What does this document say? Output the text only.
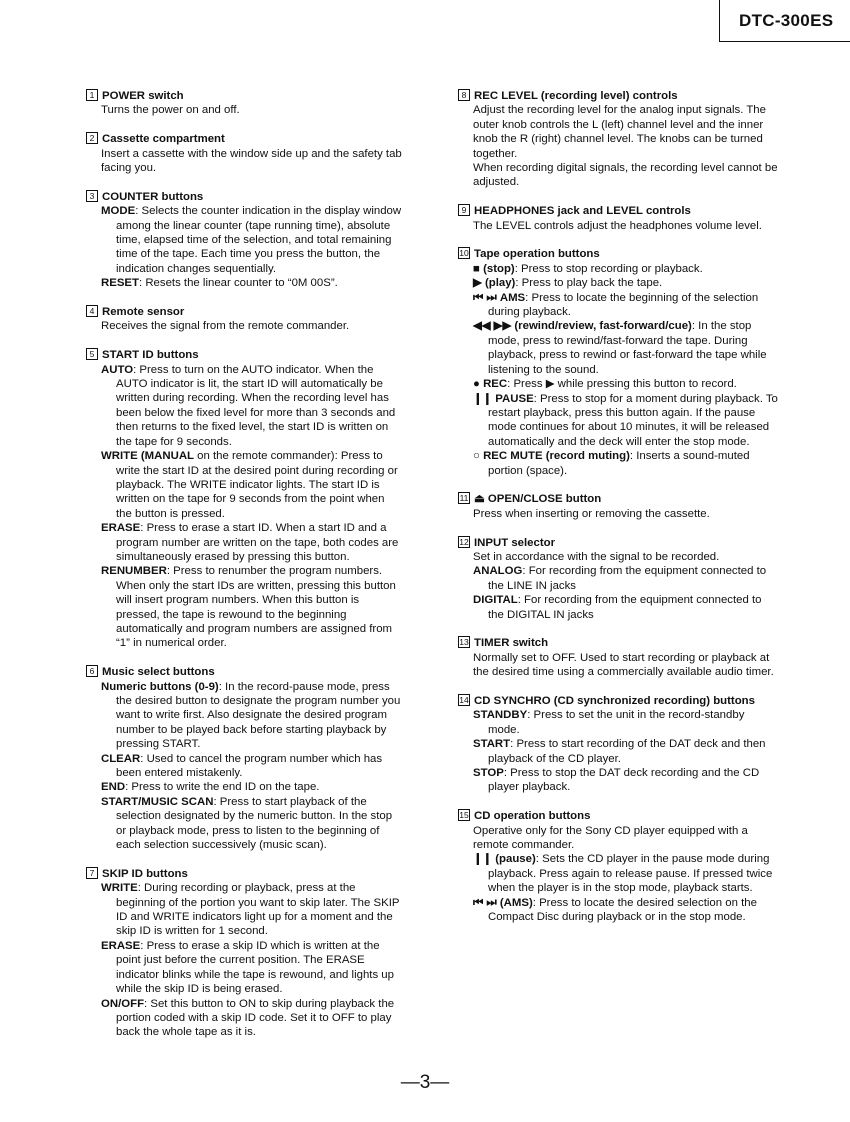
DTC-300ES
1 POWER switch
Turns the power on and off.
2 Cassette compartment
Insert a cassette with the window side up and the safety tab facing you.
3 COUNTER buttons
MODE: Selects the counter indication in the display window among the linear counter (tape running time), absolute time, elapsed time of the selection, and total remaining time of the tape. Each time you press the button, the indication changes sequentially.
RESET: Resets the linear counter to “0M 00S”.
4 Remote sensor
Receives the signal from the remote commander.
5 START ID buttons
AUTO: Press to turn on the AUTO indicator. When the AUTO indicator is lit, the start ID will automatically be written during recording. When the recording level has been below the fixed level for more than 3 seconds and then returns to the fixed level, the start ID is written on the tape for 9 seconds.
WRITE (MANUAL on the remote commander): Press to write the start ID at the desired point during recording or playback. The WRITE indicator lights. The start ID is written on the tape for 9 seconds from the point when the button is pressed.
ERASE: Press to erase a start ID. When a start ID and a program number are written on the tape, both codes are simultaneously erased by pressing this button.
RENUMBER: Press to renumber the program numbers. When only the start IDs are written, pressing this button will insert program numbers. When this button is pressed, the tape is rewound to the beginning automatically and program numbers are assigned from “1” in numerical order.
6 Music select buttons
Numeric buttons (0-9): In the record-pause mode, press the desired button to designate the program number you want to write first. Also designate the desired program number to be played back before starting playback by pressing START.
CLEAR: Used to cancel the program number which has been entered mistakenly.
END: Press to write the end ID on the tape.
START/MUSIC SCAN: Press to start playback of the selection designated by the numeric button. In the stop or playback mode, press to listen to the beginning of each selection successively (music scan).
7 SKIP ID buttons
WRITE: During recording or playback, press at the beginning of the portion you want to skip later. The SKIP ID and WRITE indicators light up for a moment and the skip ID is written for 1 second.
ERASE: Press to erase a skip ID which is written at the point just before the current position. The ERASE indicator blinks while the tape is rewound, and lights up while the skip ID is being erased.
ON/OFF: Set this button to ON to skip during playback the portion coded with a skip ID code. Set it to OFF to play back the whole tape as it is.
8 REC LEVEL (recording level) controls
Adjust the recording level for the analog input signals. The outer knob controls the L (left) channel level and the inner knob the R (right) channel level. The knobs can be turned together.
When recording digital signals, the recording level cannot be adjusted.
9 HEADPHONES jack and LEVEL controls
The LEVEL controls adjust the headphones volume level.
10 Tape operation buttons
■ (stop): Press to stop recording or playback.
▶ (play): Press to play back the tape.
⏮ ⏭ AMS: Press to locate the beginning of the selection during playback.
◀◀ ▶▶ (rewind/review, fast-forward/cue): In the stop mode, press to rewind/fast-forward the tape. During playback, press to rewind or fast-forward the tape while listening to the sound.
● REC: Press ▶ while pressing this button to record.
❙❙ PAUSE: Press to stop for a moment during playback. To restart playback, press this button again. If the pause mode continues for about 10 minutes, it will be released automatically and the deck will enter the stop mode.
○ REC MUTE (record muting): Inserts a sound-muted portion (space).
11 ⏏ OPEN/CLOSE button
Press when inserting or removing the cassette.
12 INPUT selector
Set in accordance with the signal to be recorded.
ANALOG: For recording from the equipment connected to the LINE IN jacks
DIGITAL: For recording from the equipment connected to the DIGITAL IN jacks
13 TIMER switch
Normally set to OFF. Used to start recording or playback at the desired time using a commercially available audio timer.
14 CD SYNCHRO (CD synchronized recording) buttons
STANDBY: Press to set the unit in the record-standby mode.
START: Press to start recording of the DAT deck and then playback of the CD player.
STOP: Press to stop the DAT deck recording and the CD player playback.
15 CD operation buttons
Operative only for the Sony CD player equipped with a remote commander.
❙❙ (pause): Sets the CD player in the pause mode during playback. Press again to release pause. If pressed twice when the player is in the stop mode, playback starts.
⏮ ⏭ (AMS): Press to locate the desired selection on the Compact Disc during playback or in the stop mode.
—3—
